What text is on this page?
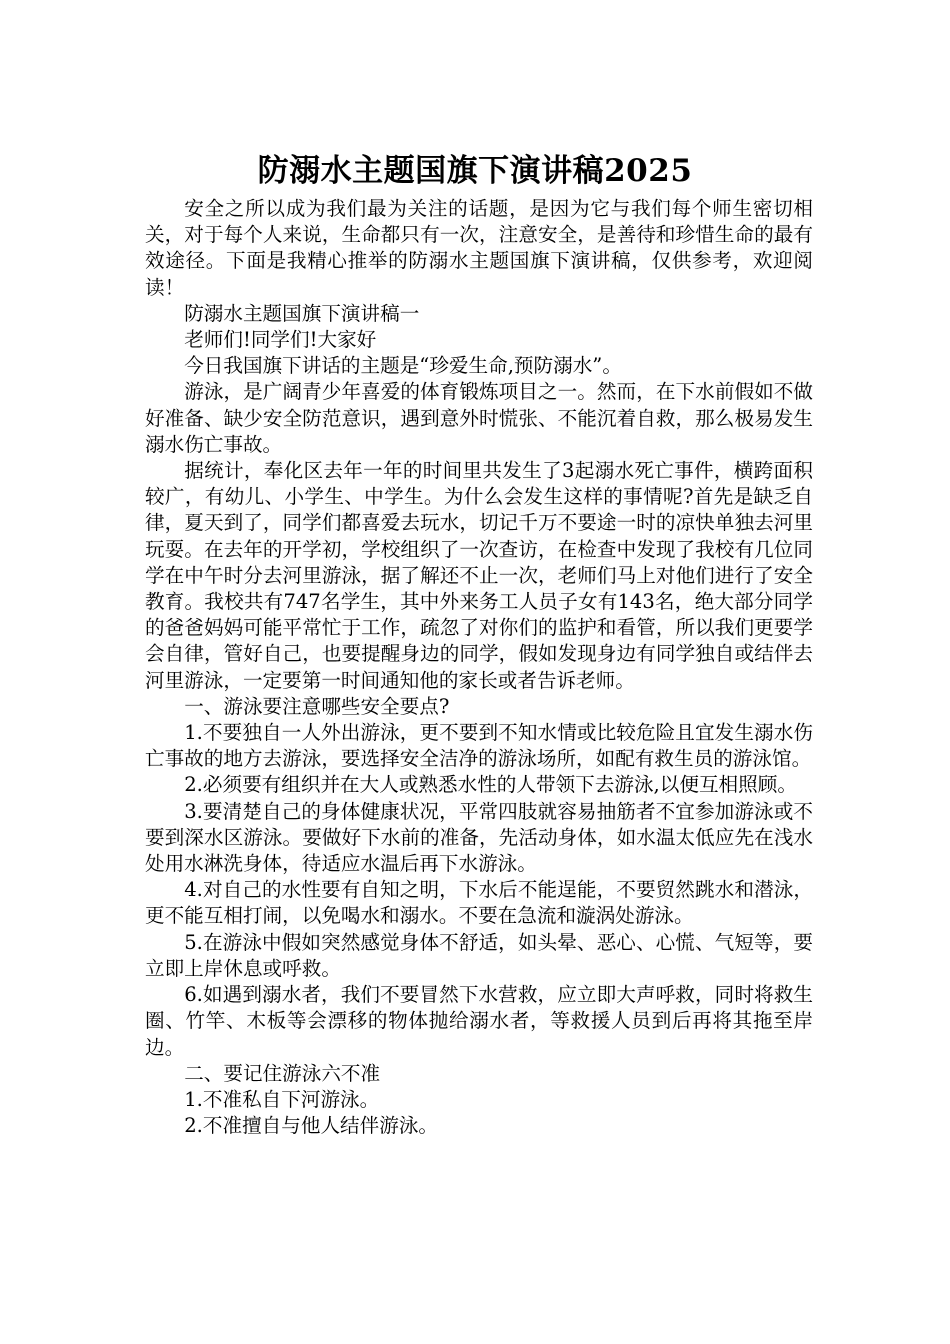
防溺水主题国旗下演讲稿2025

安全之所以成为我们最为关注的话题，是因为它与我们每个师生密切相关，对于每个人来说，生命都只有一次，注意安全，是善待和珍惜生命的最有效途径。下面是我精心推举的防溺水主题国旗下演讲稿，仅供参考，欢迎阅读！

防溺水主题国旗下演讲稿一

老师们!同学们!大家好

今日我国旗下讲话的主题是“珍爱生命,预防溺水”。

游泳，是广阔青少年喜爱的体育锻炼项目之一。然而，在下水前假如不做好准备、缺少安全防范意识，遇到意外时慌张、不能沉着自救，那么极易发生溺水伤亡事故。

据统计，奉化区去年一年的时间里共发生了3起溺水死亡事件，横跨面积较广，有幼儿、小学生、中学生。为什么会发生这样的事情呢?首先是缺乏自律，夏天到了，同学们都喜爱去玩水，切记千万不要途一时的凉快单独去河里玩耍。在去年的开学初，学校组织了一次查访，在检查中发现了我校有几位同学在中午时分去河里游泳，据了解还不止一次，老师们马上对他们进行了安全教育。我校共有747名学生，其中外来务工人员子女有143名，绝大部分同学的爸爸妈妈可能平常忙于工作，疏忽了对你们的监护和看管，所以我们更要学会自律，管好自己，也要提醒身边的同学，假如发现身边有同学独自或结伴去河里游泳，一定要第一时间通知他的家长或者告诉老师。

一、游泳要注意哪些安全要点?

1.不要独自一人外出游泳，更不要到不知水情或比较危险且宜发生溺水伤亡事故的地方去游泳，要选择安全洁净的游泳场所，如配有救生员的游泳馆。

2.必须要有组织并在大人或熟悉水性的人带领下去游泳,以便互相照顾。

3.要清楚自己的身体健康状况，平常四肢就容易抽筋者不宜参加游泳或不要到深水区游泳。要做好下水前的准备，先活动身体，如水温太低应先在浅水处用水淋洗身体，待适应水温后再下水游泳。

4.对自己的水性要有自知之明，下水后不能逞能，不要贸然跳水和潜泳，更不能互相打闹，以免喝水和溺水。不要在急流和漩涡处游泳。

5.在游泳中假如突然感觉身体不舒适，如头晕、恶心、心慌、气短等，要立即上岸休息或呼救。

6.如遇到溺水者，我们不要冒然下水营救，应立即大声呼救，同时将救生圈、竹竿、木板等会漂移的物体抛给溺水者，等救援人员到后再将其拖至岸边。

二、要记住游泳六不准

1.不准私自下河游泳。

2.不准擅自与他人结伴游泳。
